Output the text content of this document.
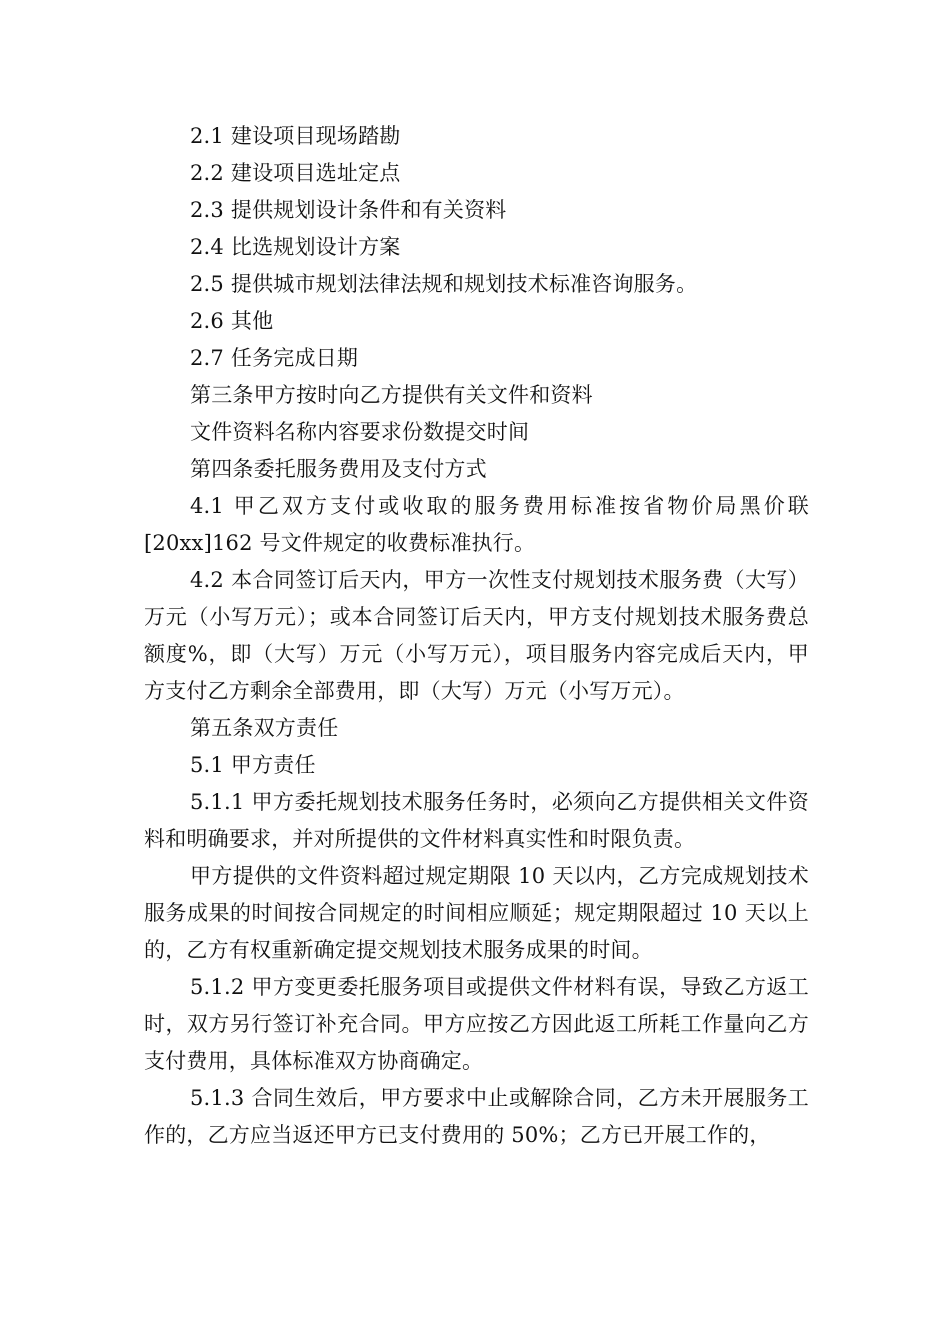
2.1 建设项目现场踏勘

2.2 建设项目选址定点

2.3 提供规划设计条件和有关资料

2.4 比选规划设计方案

2.5 提供城市规划法律法规和规划技术标准咨询服务。

2.6 其他

2.7 任务完成日期

第三条甲方按时向乙方提供有关文件和资料

文件资料名称内容要求份数提交时间

第四条委托服务费用及支付方式

4.1 甲乙双方支付或收取的服务费用标准按省物价局黑价联[20xx]162 号文件规定的收费标准执行。

4.2 本合同签订后天内，甲方一次性支付规划技术服务费（大写）万元（小写万元）；或本合同签订后天内，甲方支付规划技术服务费总额度%，即（大写）万元（小写万元），项目服务内容完成后天内，甲方支付乙方剩余全部费用，即（大写）万元（小写万元）。

第五条双方责任

5.1 甲方责任

5.1.1 甲方委托规划技术服务任务时，必须向乙方提供相关文件资料和明确要求，并对所提供的文件材料真实性和时限负责。

甲方提供的文件资料超过规定期限 10 天以内，乙方完成规划技术服务成果的时间按合同规定的时间相应顺延；规定期限超过 10 天以上的，乙方有权重新确定提交规划技术服务成果的时间。

5.1.2 甲方变更委托服务项目或提供文件材料有误，导致乙方返工时，双方另行签订补充合同。甲方应按乙方因此返工所耗工作量向乙方支付费用，具体标准双方协商确定。

5.1.3 合同生效后，甲方要求中止或解除合同，乙方未开展服务工作的，乙方应当返还甲方已支付费用的 50%；乙方已开展工作的，
